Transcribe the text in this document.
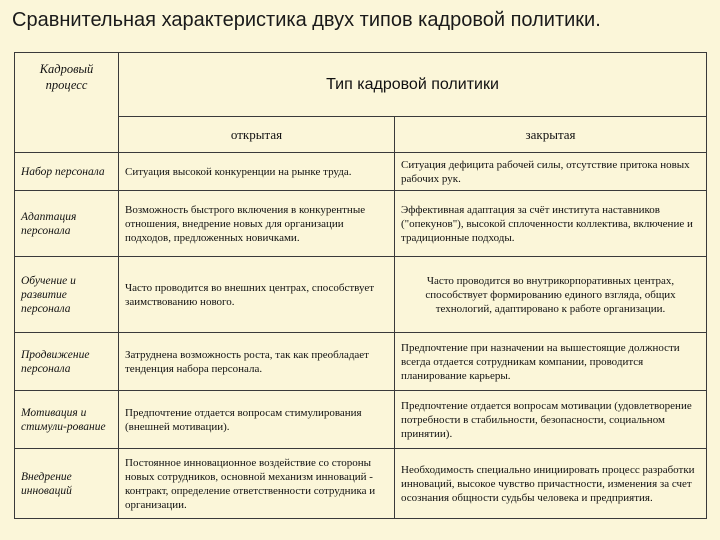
Сравнительная характеристика двух типов кадровой политики.
Кадровый процесс	Тип кадровой политики	
	открытая	закрытая
Набор персонала	Ситуация высокой конкуренции на рынке труда.	Ситуация дефицита рабочей силы, отсутствие притока новых рабочих рук.
Адаптация персонала	Возможность быстрого включения в конкурентные отношения, внедрение новых для организации подходов, предложенных новичками.	Эффективная адаптация за счёт институтa наставников ("опекунов"), высокой сплоченности коллектива, включение и традиционные подходы.
Обучение и развитие персонала	Часто проводится во внешних центрах, способствует заимствованию нового.	Часто проводится во внутрикорпоративных центрах, способствует формированию единого взгляда, общих технологий, адаптировано к работе организации.
Продвижение персонала	Затруднена возможность роста, так как преобладает тенденция набора персонала.	Предпочтение при назначении на вышестоящие должности всегда отдается сотрудникам компании, проводится планирование карьеры.
Мотивация и стимули-рование	Предпочтение отдается вопросам стимулирования (внешней мотивации).	Предпочтение отдается вопросам мотивации (удовлетворение потребности в стабильности, безопасности, социальном принятии).
Внедрение инноваций	Постоянное инновационное воздействие со стороны новых сотрудников, основной механизм инноваций - контракт, определение ответственности сотрудника и организации.	Необходимость специально инициировать процесс разработки инноваций, высокое чувство причастности, изменения за счет осознания общности судьбы человека и предприятия.
